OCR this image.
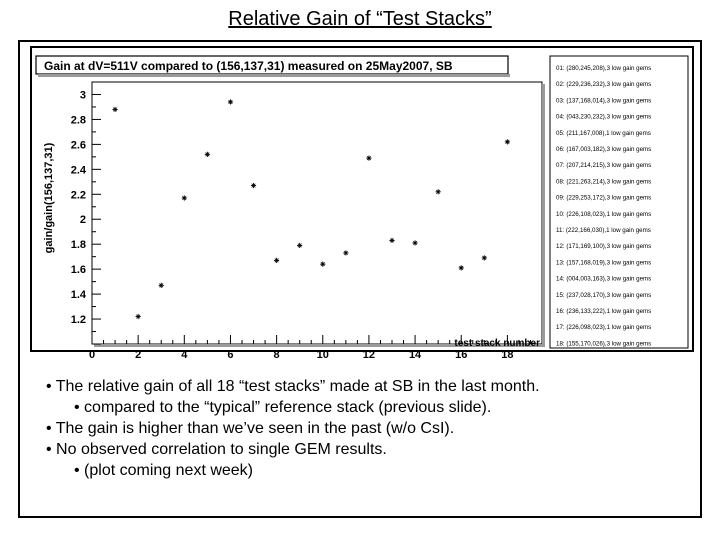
Relative Gain of “Test Stacks”
Gain at dV=511V compared to (156,137,31) measured on 25May2007, SB
gain/gain(156,137,31)
test stack number
0	2	4	6	8	10	12	14	16	18
1.2
1.4
1.6
1.8
2
2.2
2.4
2.6
2.8
3
01: (280,245,208),3 low gain gems
02: (229,236,232),3 low gain gems
03: (137,168,014),3 low gain gems
04: (043,230,232),3 low gain gems
05: (211,167,008),1 low gain gems
06: (167,003,182),3 low gain gems
07: (207,214,215),3 low gain gems
08: (221,263,214),3 low gain gems
09: (229,253,172),3 low gain gems
10: (226,108,023),1 low gain gems
11: (222,166,030),1 low gain gems
12: (171,169,100),3 low gain gems
13: (157,168,019),3 low gain gems
14: (004,003,163),3 low gain gems
15: (237,028,170),3 low gain gems
16: (236,133,222),1 low gain gems
17: (226,098,023),1 low gain gems
18: (155,170,026),3 low gain gems
• The relative gain of all 18 “test stacks” made at SB in the last month.
• compared to the “typical” reference stack (previous slide).
• The gain is higher than we’ve seen in the past (w/o CsI).
• No observed correlation to single GEM results.
• (plot coming next week)
